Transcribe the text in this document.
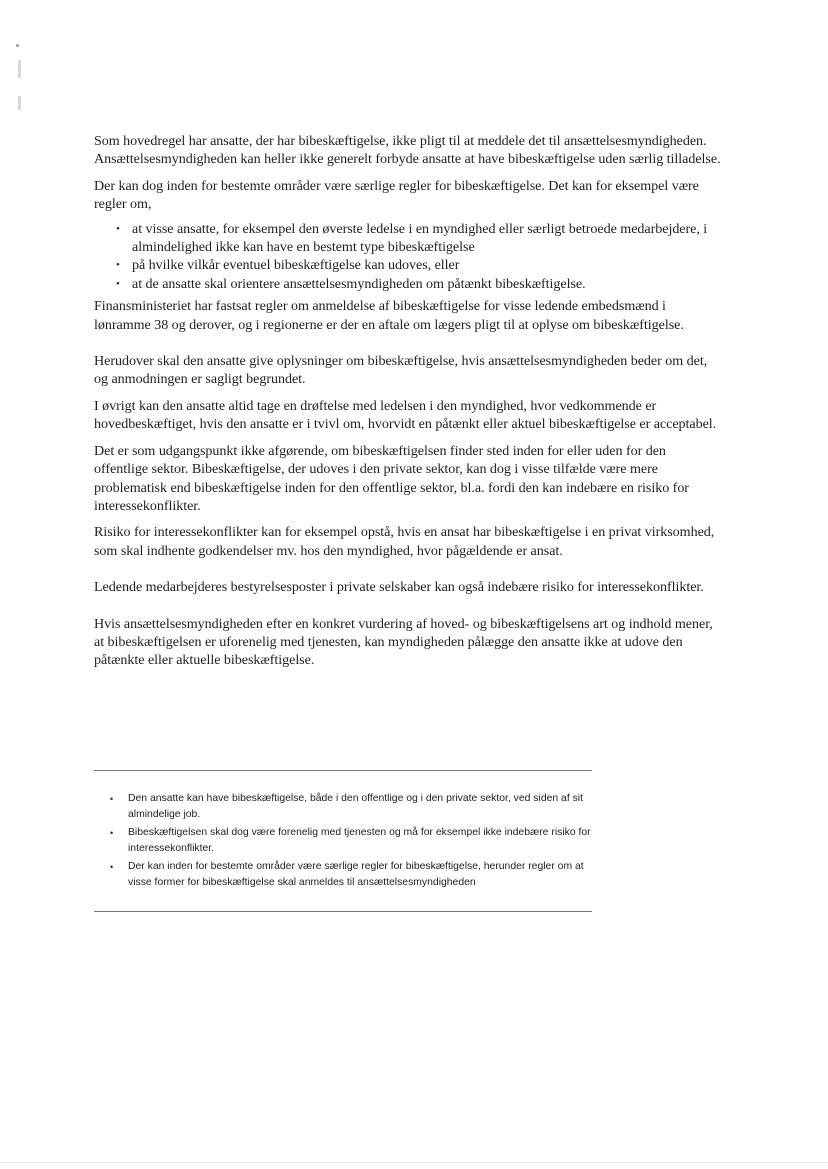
Som hovedregel har ansatte, der har bibeskæftigelse, ikke pligt til at meddele det til ansættelsesmyndigheden. Ansættelsesmyndigheden kan heller ikke generelt forbyde ansatte at have bibeskæftigelse uden særlig tilladelse.

Der kan dog inden for bestemte områder være særlige regler for bibeskæftigelse. Det kan for eksempel være regler om,

• at visse ansatte, for eksempel den øverste ledelse i en myndighed eller særligt betroede medarbejdere, i almindelighed ikke kan have en bestemt type bibeskæftigelse
• på hvilke vilkår eventuel bibeskæftigelse kan udoves, eller
• at de ansatte skal orientere ansættelsesmyndigheden om påtænkt bibeskæftigelse.

Finansministeriet har fastsat regler om anmeldelse af bibeskæftigelse for visse ledende embedsmænd i lønramme 38 og derover, og i regionerne er der en aftale om lægers pligt til at oplyse om bibeskæftigelse.

Herudover skal den ansatte give oplysninger om bibeskæftigelse, hvis ansættelsesmyndigheden beder om det, og anmodningen er sagligt begrundet.

I øvrigt kan den ansatte altid tage en drøftelse med ledelsen i den myndighed, hvor vedkommende er hovedbeskæftiget, hvis den ansatte er i tvivl om, hvorvidt en påtænkt eller aktuel bibeskæftigelse er acceptabel.

Det er som udgangspunkt ikke afgørende, om bibeskæftigelsen finder sted inden for eller uden for den offentlige sektor. Bibeskæftigelse, der udoves i den private sektor, kan dog i visse tilfælde være mere problematisk end bibeskæftigelse inden for den offentlige sektor, bl.a. fordi den kan indebære en risiko for interessekonflikter.

Risiko for interessekonflikter kan for eksempel opstå, hvis en ansat har bibeskæftigelse i en privat virksomhed, som skal indhente godkendelser mv. hos den myndighed, hvor pågældende er ansat.

Ledende medarbejderes bestyrelsesposter i private selskaber kan også indebære risiko for interessekonflikter.

Hvis ansættelsesmyndigheden efter en konkret vurdering af hoved- og bibeskæftigelsens art og indhold mener, at bibeskæftigelsen er uforenelig med tjenesten, kan myndigheden pålægge den ansatte ikke at udove den påtænkte eller aktuelle bibeskæftigelse.

• Den ansatte kan have bibeskæftigelse, både i den offentlige og i den private sektor, ved siden af sit almindelige job.
• Bibeskæftigelsen skal dog være forenelig med tjenesten og må for eksempel ikke indebære risiko for interessekonflikter.
• Der kan inden for bestemte områder være særlige regler for bibeskæftigelse, herunder regler om at visse former for bibeskæftigelse skal anmeldes til ansættelsesmyndigheden
